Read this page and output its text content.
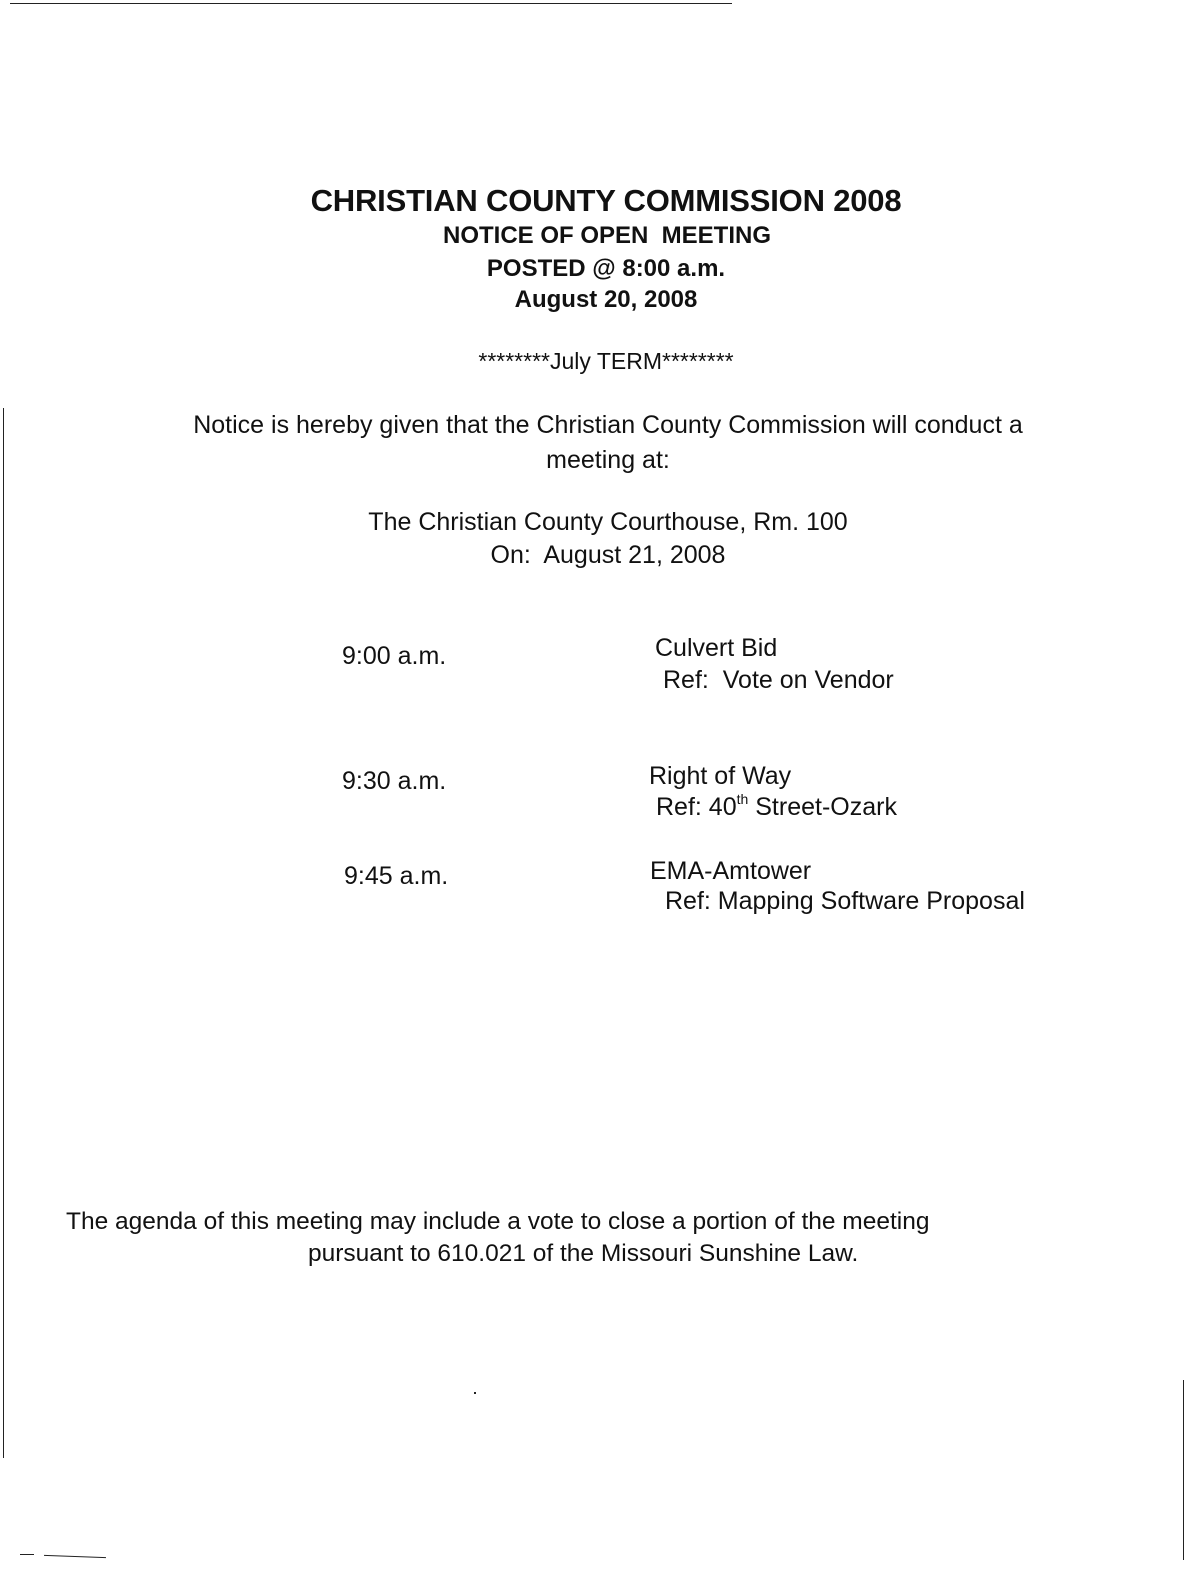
CHRISTIAN COUNTY COMMISSION 2008
NOTICE OF OPEN  MEETING
POSTED @ 8:00 a.m.
August 20, 2008
********July TERM********
Notice is hereby given that the Christian County Commission will conduct a
meeting at:
The Christian County Courthouse, Rm. 100
On:  August 21, 2008
9:00 a.m.	Culvert Bid
Ref:  Vote on Vendor
9:30 a.m.	Right of Way
Ref: 40th Street-Ozark
9:45 a.m.	EMA-Amtower
Ref: Mapping Software Proposal
The agenda of this meeting may include a vote to close a portion of the meeting
pursuant to 610.021 of the Missouri Sunshine Law.
